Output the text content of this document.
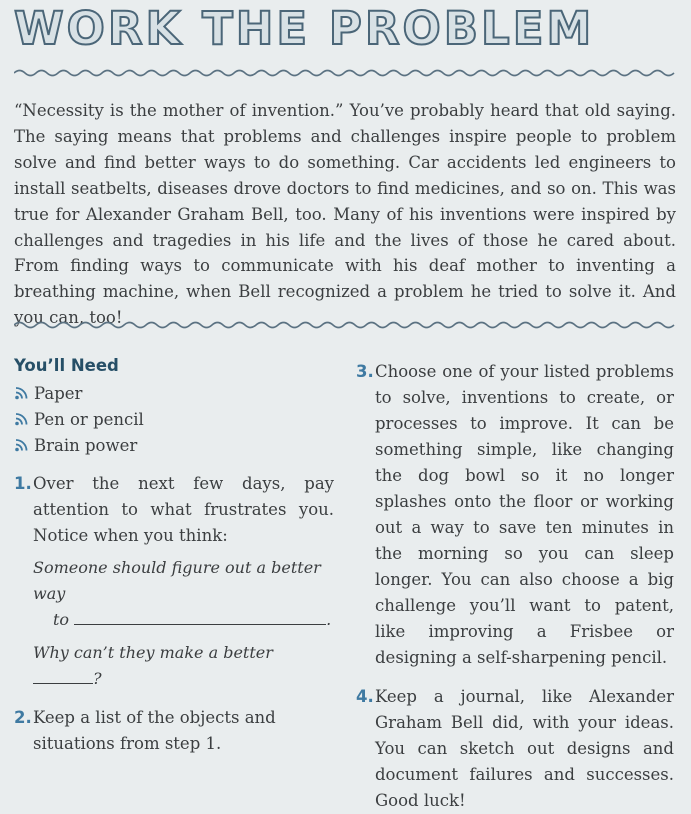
WORK THE PROBLEM

“Necessity is the mother of invention.” You’ve probably heard that old saying. The saying means that problems and challenges inspire people to problem solve and find better ways to do something. Car accidents led engineers to install seatbelts, diseases drove doctors to find medicines, and so on. This was true for Alexander Graham Bell, too. Many of his inventions were inspired by challenges and tragedies in his life and the lives of those he cared about. From finding ways to communicate with his deaf mother to inventing a breathing machine, when Bell recognized a problem he tried to solve it. And you can, too!

You’ll Need
Paper
Pen or pencil
Brain power
1. Over the next few days, pay attention to what frustrates you. Notice when you think:
Someone should figure out a better way
to	.
Why can’t they make a better ?
2. Keep a list of the objects and situations from step 1.
3. Choose one of your listed problems to solve, inventions to create, or processes to improve. It can be something simple, like changing the dog bowl so it no longer splashes onto the floor or working out a way to save ten minutes in the morning so you can sleep longer. You can also choose a big challenge you’ll want to patent, like improving a Frisbee or designing a self-sharpening pencil.
4. Keep a journal, like Alexander Graham Bell did, with your ideas. You can sketch out designs and document failures and successes. Good luck!
